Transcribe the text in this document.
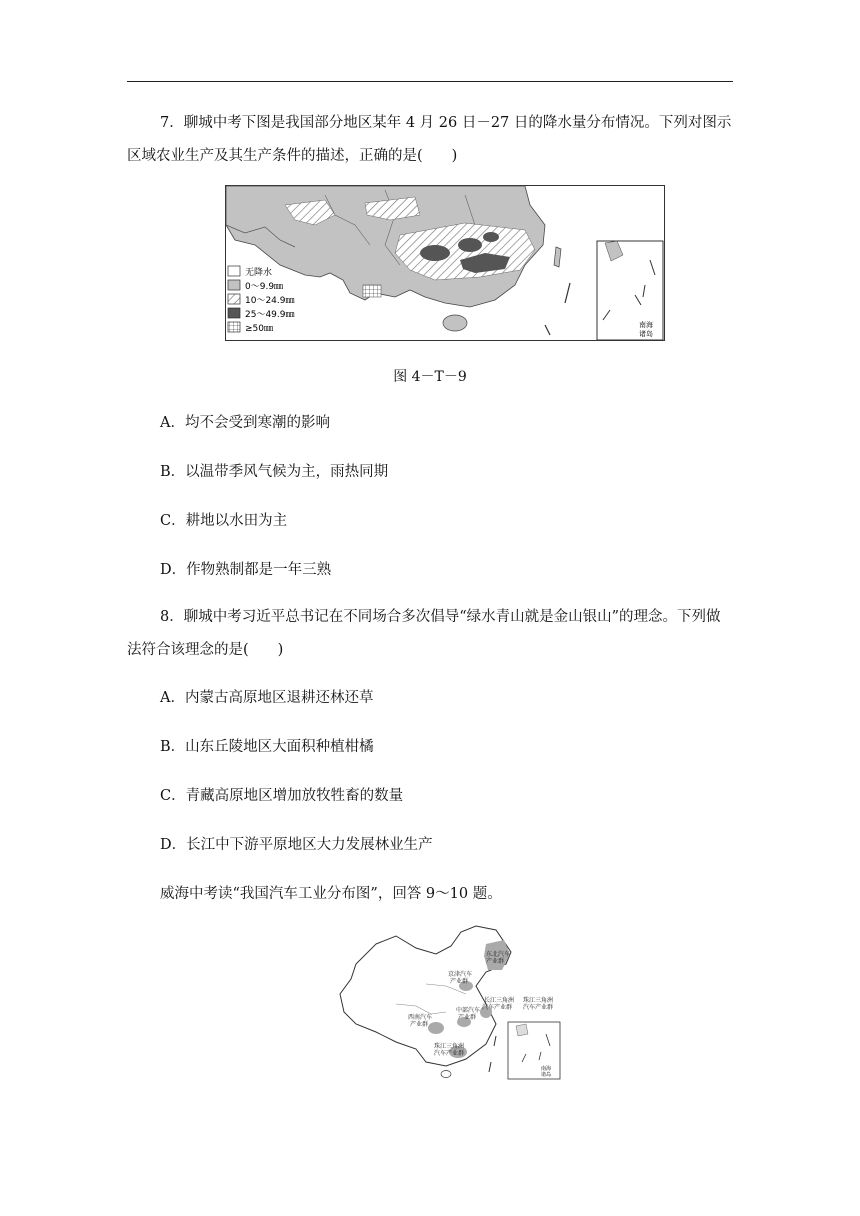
7．聊城中考下图是我国部分地区某年 4 月 26 日－27 日的降水量分布情况。下列对图示
区域农业生产及其生产条件的描述，正确的是(　　)
南海
诸岛
无降水
0～9.9㎜
10～24.9㎜
25～49.9㎜
≥50㎜
图 4－T－9
A．均不会受到寒潮的影响
B．以温带季风气候为主，雨热同期
C．耕地以水田为主
D．作物熟制都是一年三熟
8．聊城中考习近平总书记在不同场合多次倡导“绿水青山就是金山银山”的理念。下列做
法符合该理念的是(　　)
A．内蒙古高原地区退耕还林还草
B．山东丘陵地区大面积种植柑橘
C．青藏高原地区增加放牧牲畜的数量
D．长江中下游平原地区大力发展林业生产
威海中考读“我国汽车工业分布图”，回答 9～10 题。
东北汽车
产业群
京津汽车
产业群
长江三角洲
汽车产业群
珠江三角洲
汽车产业群
中部汽车
产业群
西南汽车
产业群
珠江三角洲
汽车产业群
南海
诸岛
